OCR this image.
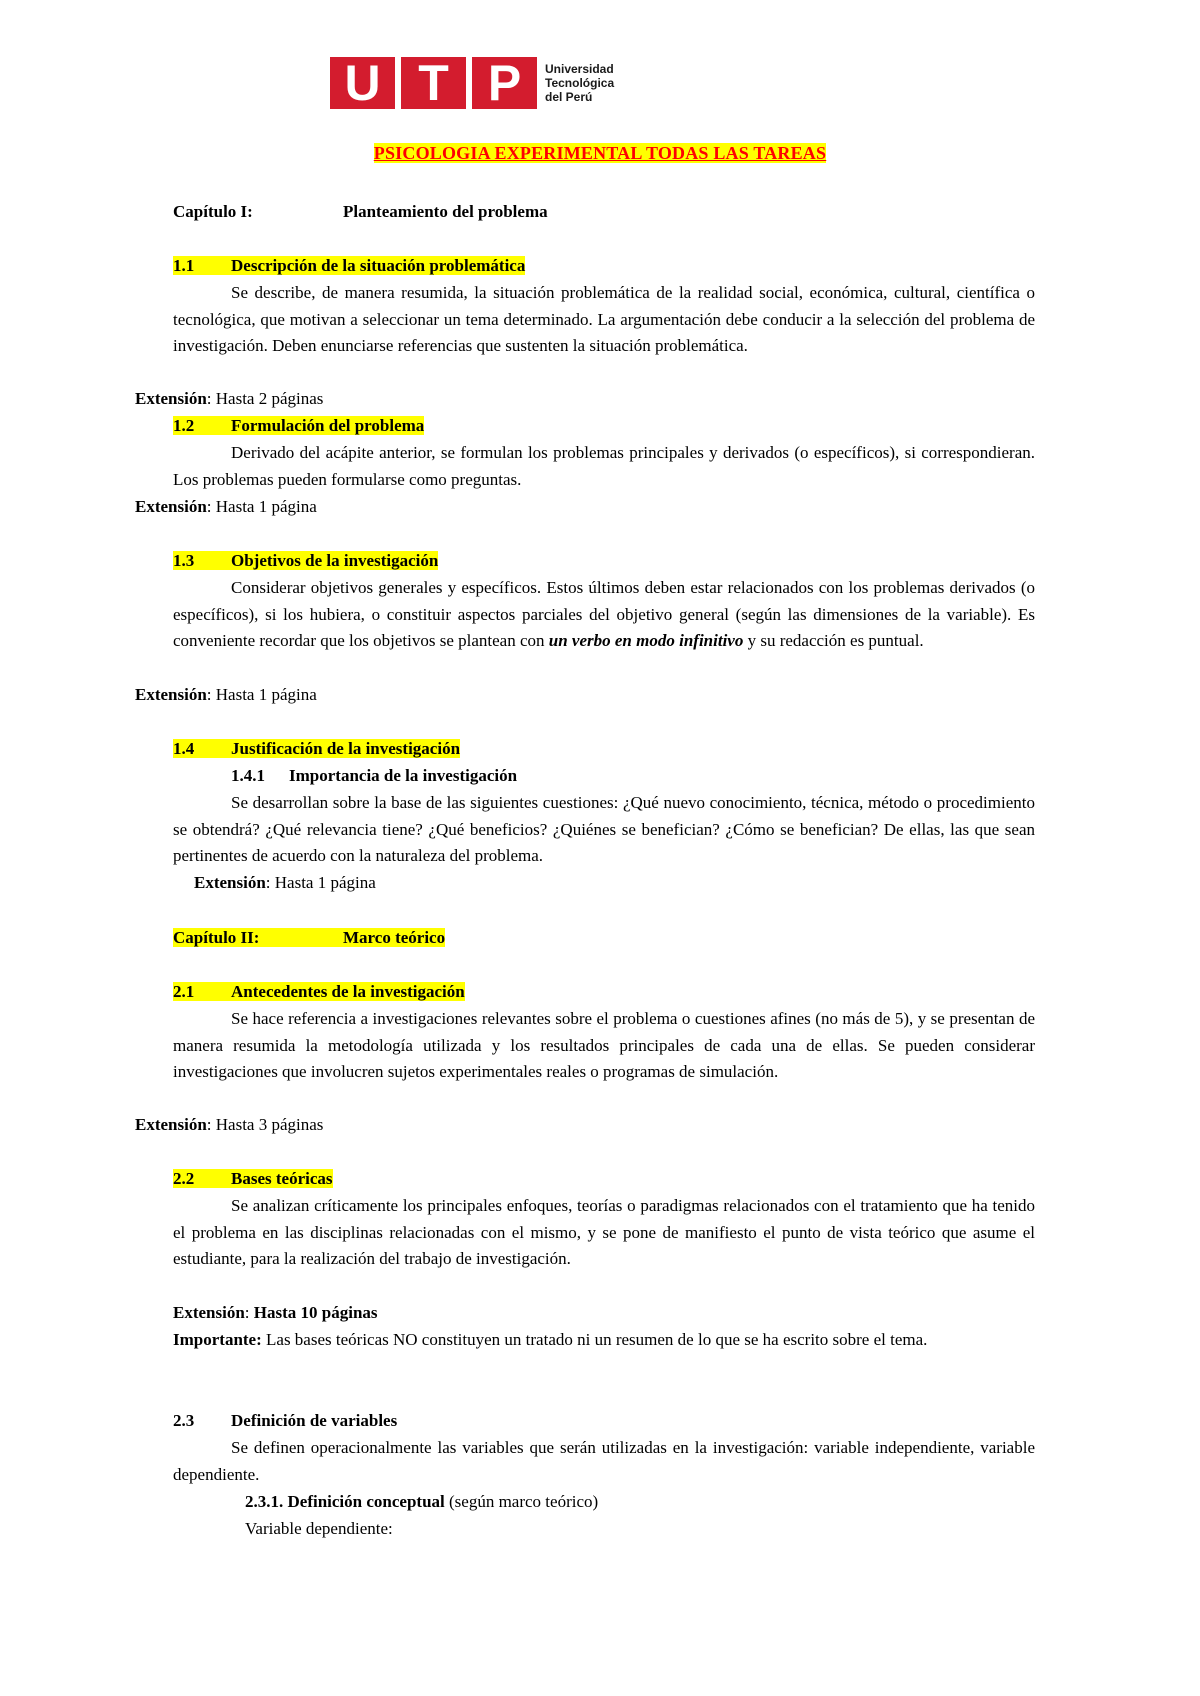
U T P	Universidad
Tecnológica
del Perú
PSICOLOGIA EXPERIMENTAL TODAS LAS TAREAS
Capítulo I:	Planteamiento del problema
1.1 Descripción de la situación problemática

Se describe, de manera resumida, la situación problemática de la realidad social, económica, cultural, científica o tecnológica, que motivan a seleccionar un tema determinado. La argumentación debe conducir a la selección del problema de investigación. Deben enunciarse referencias que sustenten la situación problemática.

Extensión: Hasta 2 páginas
1.2 Formulación del problema

Derivado del acápite anterior, se formulan los problemas principales y derivados (o específicos), si correspondieran. Los problemas pueden formularse como preguntas.

Extensión: Hasta 1 página
1.3 Objetivos de la investigación

Considerar objetivos generales y específicos. Estos últimos deben estar relacionados con los problemas derivados (o específicos), si los hubiera, o constituir aspectos parciales del objetivo general (según las dimensiones de la variable). Es conveniente recordar que los objetivos se plantean con un verbo en modo infinitivo y su redacción es puntual.

Extensión: Hasta 1 página
1.4 Justificación de la investigación
1.4.1 Importancia de la investigación

Se desarrollan sobre la base de las siguientes cuestiones: ¿Qué nuevo conocimiento, técnica, método o procedimiento se obtendrá? ¿Qué relevancia tiene? ¿Qué beneficios? ¿Quiénes se benefician? ¿Cómo se benefician? De ellas, las que sean pertinentes de acuerdo con la naturaleza del problema.

Extensión: Hasta 1 página
Capítulo II:	Marco teórico
2.1 Antecedentes de la investigación

Se hace referencia a investigaciones relevantes sobre el problema o cuestiones afines (no más de 5), y se presentan de manera resumida la metodología utilizada y los resultados principales de cada una de ellas. Se pueden considerar investigaciones que involucren sujetos experimentales reales o programas de simulación.

Extensión: Hasta 3 páginas
2.2 Bases teóricas

Se analizan críticamente los principales enfoques, teorías o paradigmas relacionados con el tratamiento que ha tenido el problema en las disciplinas relacionadas con el mismo, y se pone de manifiesto el punto de vista teórico que asume el estudiante, para la realización del trabajo de investigación.

Extensión: Hasta 10 páginas

Importante: Las bases teóricas NO constituyen un tratado ni un resumen de lo que se ha escrito sobre el tema.

2.3 Definición de variables

Se definen operacionalmente las variables que serán utilizadas en la investigación: variable independiente, variable dependiente.

2.3.1. Definición conceptual (según marco teórico)
Variable dependiente:
